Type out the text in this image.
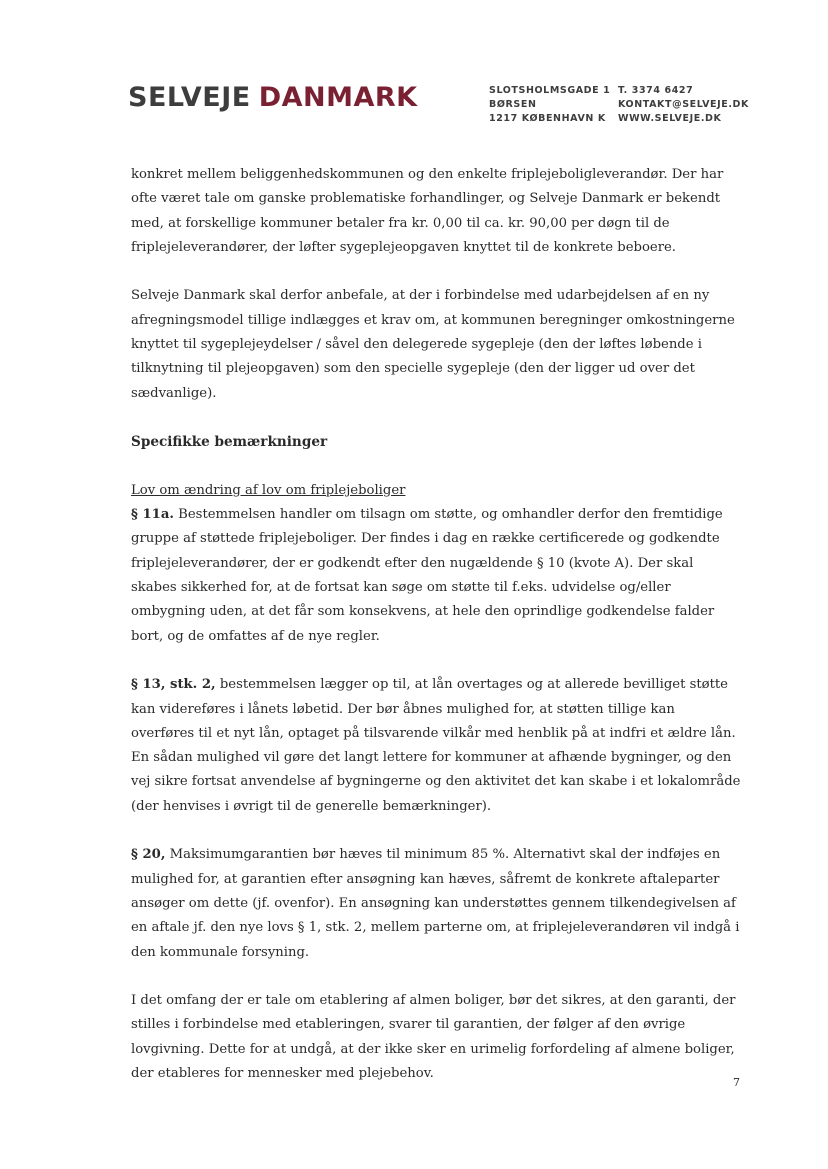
SELVEJE DANMARK	SLOTSHOLMSGADE 1
BØRSEN
1217 KØBENHAVN K
T. 3374 6427
KONTAKT@SELVEJE.DK
WWW.SELVEJE.DK

konkret mellem beliggenhedskommunen og den enkelte friplejeboligleverandør. Der har ofte været tale om ganske problematiske forhandlinger, og Selveje Danmark er bekendt med, at forskellige kommuner betaler fra kr. 0,00 til ca. kr. 90,00 per døgn til de friplejeleverandører, der løfter sygeplejeopgaven knyttet til de konkrete beboere.

Selveje Danmark skal derfor anbefale, at der i forbindelse med udarbejdelsen af en ny afregningsmodel tillige indlægges et krav om, at kommunen beregninger omkostningerne knyttet til sygeplejeydelser / såvel den delegerede sygepleje (den der løftes løbende i tilknytning til plejeopgaven) som den specielle sygepleje (den der ligger ud over det sædvanlige).

Specifikke bemærkninger

Lov om ændring af lov om friplejeboliger
§ 11a. Bestemmelsen handler om tilsagn om støtte, og omhandler derfor den fremtidige gruppe af støttede friplejeboliger. Der findes i dag en række certificerede og godkendte friplejeleverandører, der er godkendt efter den nugældende § 10 (kvote A). Der skal skabes sikkerhed for, at de fortsat kan søge om støtte til f.eks. udvidelse og/eller ombygning uden, at det får som konsekvens, at hele den oprindlige godkendelse falder bort, og de omfattes af de nye regler.

§ 13, stk. 2, bestemmelsen lægger op til, at lån overtages og at allerede bevilliget støtte kan videreføres i lånets løbetid. Der bør åbnes mulighed for, at støtten tillige kan overføres til et nyt lån, optaget på tilsvarende vilkår med henblik på at indfri et ældre lån. En sådan mulighed vil gøre det langt lettere for kommuner at afhænde bygninger, og den vej sikre fortsat anvendelse af bygningerne og den aktivitet det kan skabe i et lokalområde (der henvises i øvrigt til de generelle bemærkninger).

§ 20, Maksimumgarantien bør hæves til minimum 85 %. Alternativt skal der indføjes en mulighed for, at garantien efter ansøgning kan hæves, såfremt de konkrete aftaleparter ansøger om dette (jf. ovenfor). En ansøgning kan understøttes gennem tilkendegivelsen af en aftale jf. den nye lovs § 1, stk. 2, mellem parterne om, at friplejeleverandøren vil indgå i den kommunale forsyning.

I det omfang der er tale om etablering af almen boliger, bør det sikres, at den garanti, der stilles i forbindelse med etableringen, svarer til garantien, der følger af den øvrige lovgivning. Dette for at undgå, at der ikke sker en urimelig forfordeling af almene boliger, der etableres for mennesker med plejebehov.

7
